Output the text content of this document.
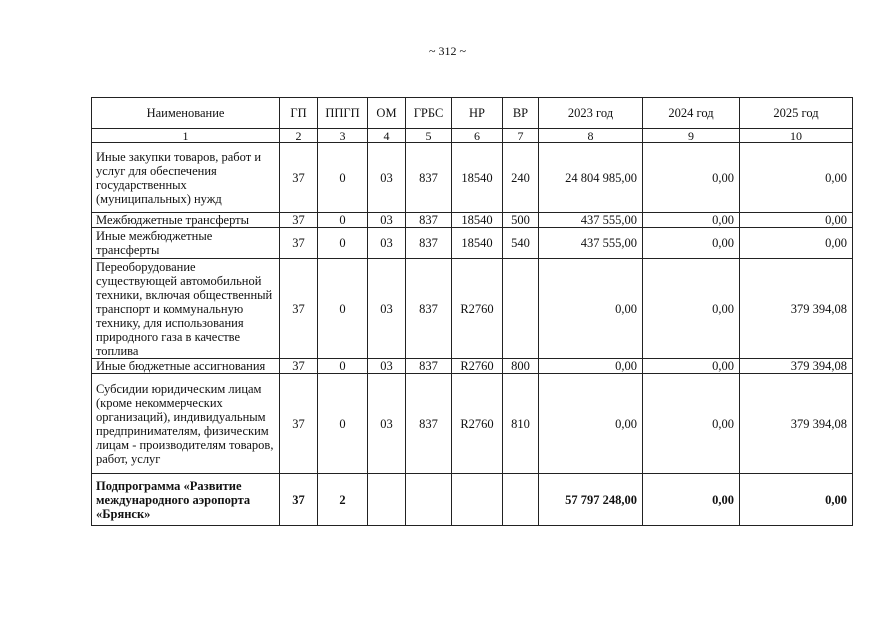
~ 312 ~
Наименование	ГП	ППГП	ОМ	ГРБС	НР	ВР	2023 год	2024 год	2025 год
1	2	3	4	5	6	7	8	9	10
Иные закупки товаров, работ и услуг для обеспечения государственных (муниципальных) нужд	37	0	03	837	18540	240	24 804 985,00	0,00	0,00
Межбюджетные трансферты	37	0	03	837	18540	500	437 555,00	0,00	0,00
Иные межбюджетные трансферты	37	0	03	837	18540	540	437 555,00	0,00	0,00
Переоборудование существующей автомобильной техники, включая общественный транспорт и коммунальную технику, для использования природного газа в качестве топлива	37	0	03	837	R2760		0,00	0,00	379 394,08
Иные бюджетные ассигнования	37	0	03	837	R2760	800	0,00	0,00	379 394,08
Субсидии юридическим лицам (кроме некоммерческих организаций), индивидуальным предпринимателям, физическим лицам - производителям товаров, работ, услуг	37	0	03	837	R2760	810	0,00	0,00	379 394,08
Подпрограмма «Развитие международного аэропорта «Брянск»	37	2					57 797 248,00	0,00	0,00
